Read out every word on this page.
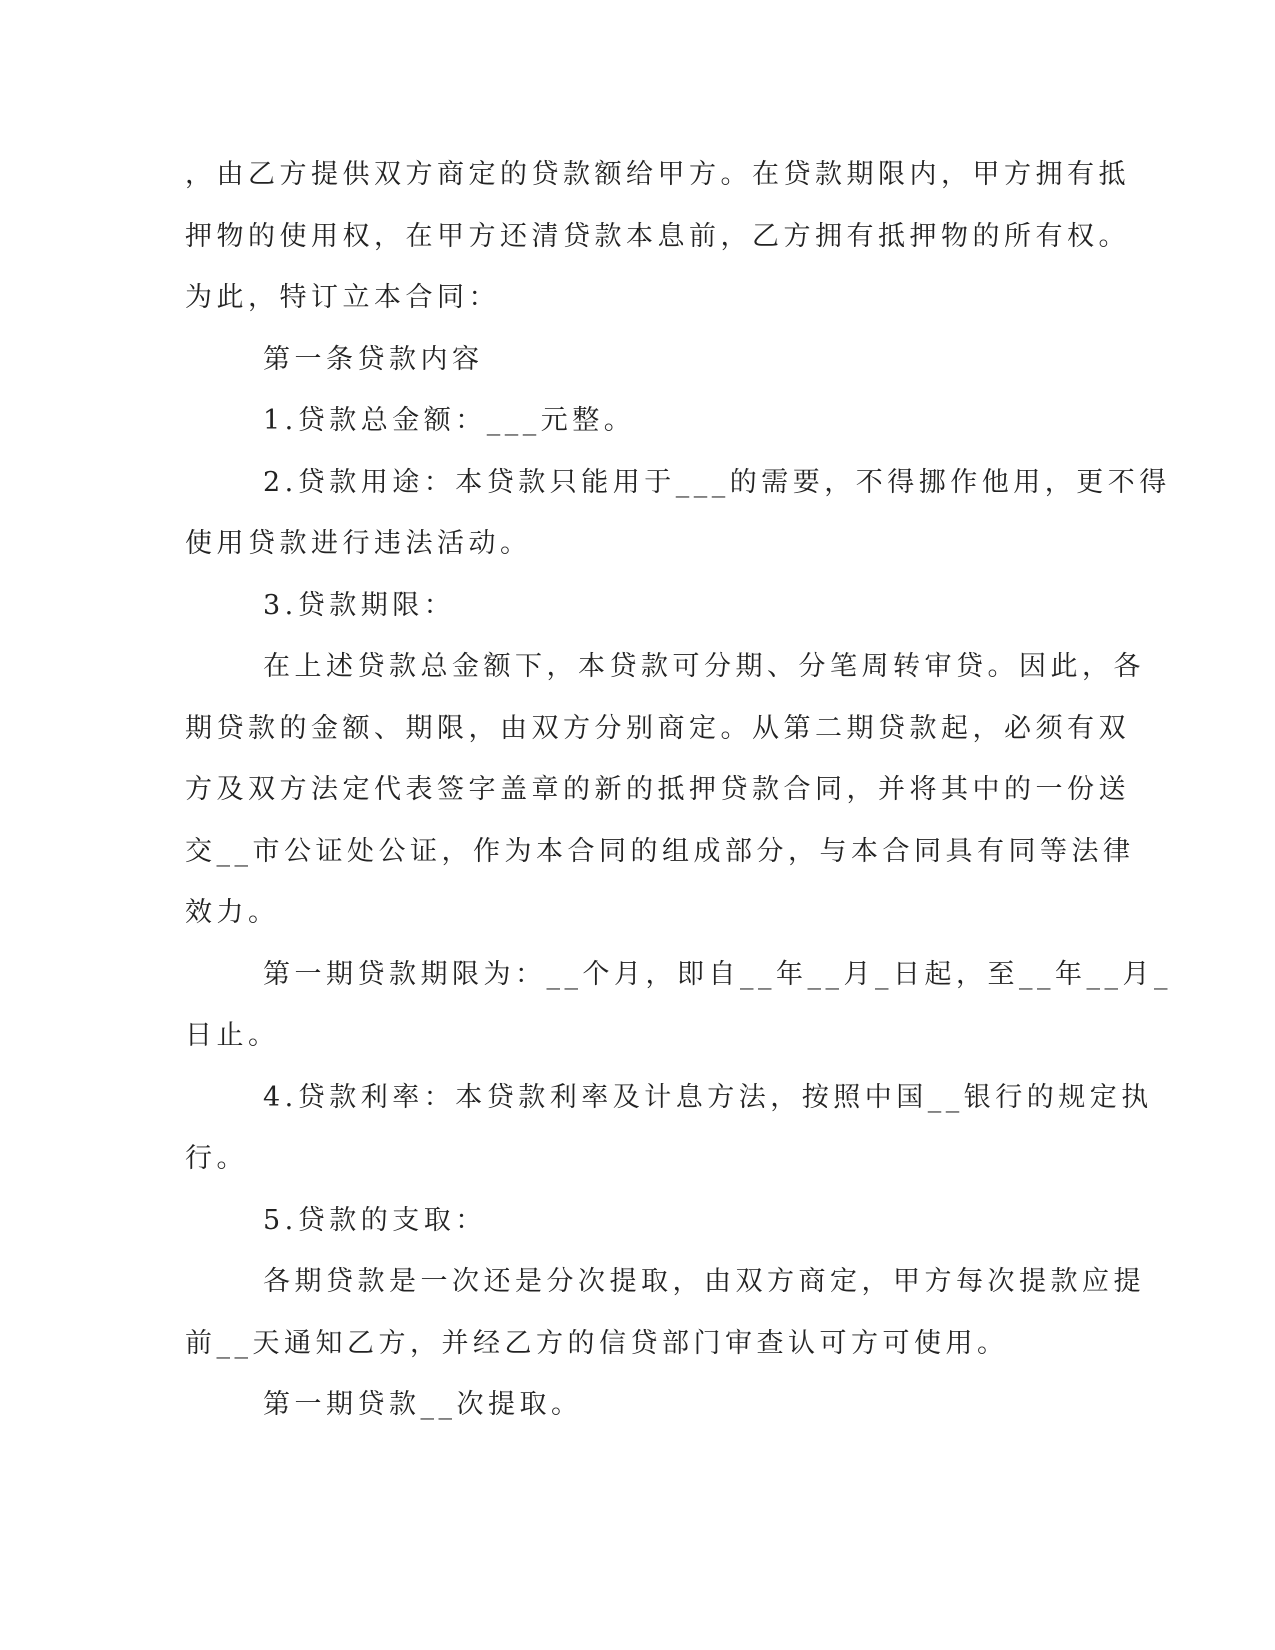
，由乙方提供双方商定的贷款额给甲方。在贷款期限内，甲方拥有抵
押物的使用权，在甲方还清贷款本息前，乙方拥有抵押物的所有权。
为此，特订立本合同：
第一条贷款内容
1.贷款总金额：___元整。
2.贷款用途：本贷款只能用于___的需要，不得挪作他用，更不得
使用贷款进行违法活动。
3.贷款期限：
在上述贷款总金额下，本贷款可分期、分笔周转审贷。因此，各
期贷款的金额、期限，由双方分别商定。从第二期贷款起，必须有双
方及双方法定代表签字盖章的新的抵押贷款合同，并将其中的一份送
交__市公证处公证，作为本合同的组成部分，与本合同具有同等法律
效力。
第一期贷款期限为：__个月，即自__年__月_日起，至__年__月_
日止。
4.贷款利率：本贷款利率及计息方法，按照中国__银行的规定执
行。
5.贷款的支取：
各期贷款是一次还是分次提取，由双方商定，甲方每次提款应提
前__天通知乙方，并经乙方的信贷部门审查认可方可使用。
第一期贷款__次提取。
